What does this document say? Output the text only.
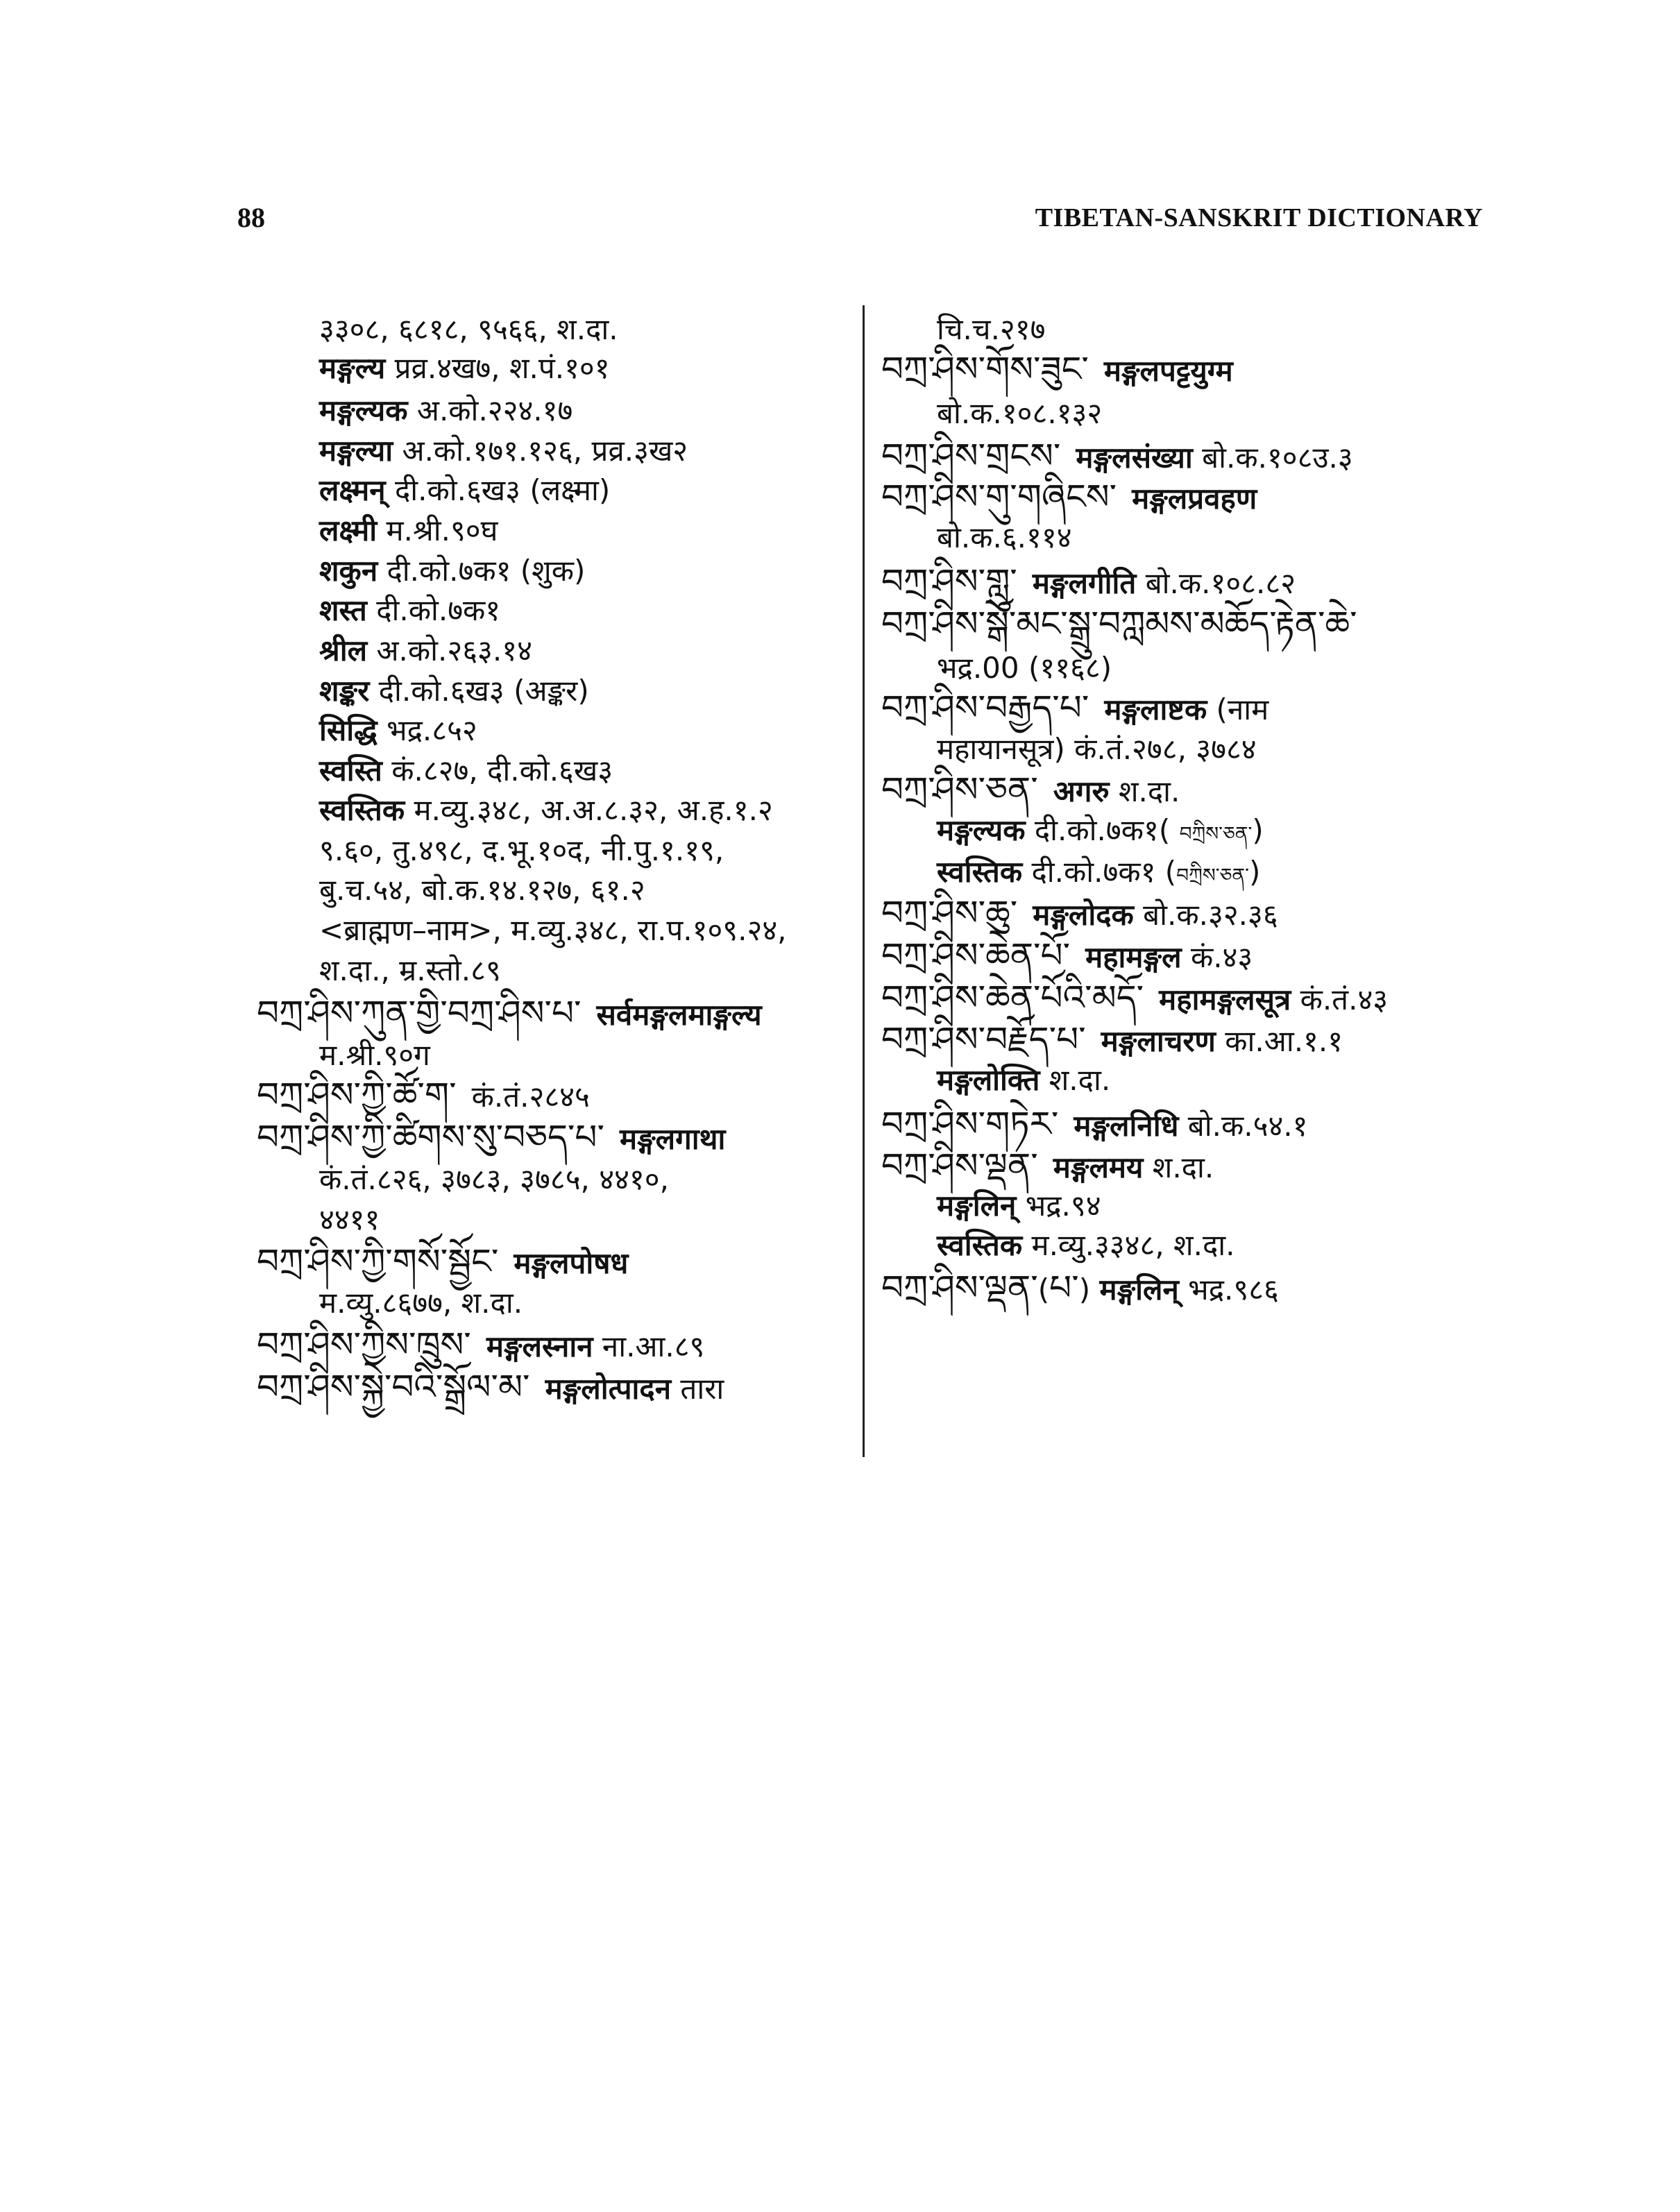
88	TIBETAN-SANSKRIT DICTIONARY
३३०८, ६८१८, ९५६६, श.दा.
मङ्गल्य प्रव्र.४ख७, श.पं.१०१
मङ्गल्यक अ.को.२२४.१७
मङ्गल्या अ.को.१७१.१२६, प्रव्र.३ख२
लक्ष्मन् दी.को.६ख३ (लक्ष्मा)
लक्ष्मी म.श्री.९०घ
शकुन दी.को.७क१ (शुक)
शस्त दी.को.७क१
श्रील अ.को.२६३.१४
शङ्कर दी.को.६ख३ (अङ्कर)
सिद्धि भद्र.८५२
स्वस्ति कं.८२७, दी.को.६ख३
स्वस्तिक म.व्यु.३४८, अ.अ.८.३२, अ.ह.१.२
९.६०, तु.४९८, द.भू.१०द, नी.पु.१.१९,
बु.च.५४, बो.क.१४.१२७, ६१.२
<ब्राह्मण–नाम>, म.व्यु.३४८, रा.प.१०९.२४,
श.दा., म्र.स्तो.८९
བཀྲ་ཤིས་ཀུན་གྱི་བཀྲ་ཤིས་པ་ सर्वमङ्गलमाङ्गल्य
म.श्री.९०ग
བཀྲ་ཤིས་ཀྱི་ཚོ་ག་ कं.तं.२८४५
བཀྲ་ཤིས་ཀྱི་ཚིགས་སུ་བཅད་པ་ मङ्गलगाथा
कं.तं.८२६, ३७८३, ३७८५, ४४१०,
४४११
བཀྲ་ཤིས་ཀྱི་གསོ་སྦྱོང་ मङ्गलपोषध
म.व्यु.८६७७, श.दा.
བཀྲ་ཤིས་ཀྱིས་ཁྲུས་ मङ्गलस्नान ना.आ.८९
བཀྲ་ཤིས་སྐྱེ་བའི་སྒྲོལ་མ་ मङ्गलोत्पादन तारा
चि.च.२१७
བཀྲ་ཤིས་གོས་ཟུང་ मङ्गलपट्टयुग्म
बो.क.१०८.१३२
བཀྲ་ཤིས་གྲངས་ मङ्गलसंख्या बो.क.१०८उ.३
བཀྲ་ཤིས་གུ་གཞིངས་ मङ्गलप्रवहण
बो.क.६.११४
བཀྲ་ཤིས་གླུ་ मङ्गलगीति बो.क.१०८.८२
བཀྲ་ཤིས་སྒོ་མང་སྒྲུ་བཀླམས་མཆོད་རྟེན་ཆེ་
भद्र.00 (११६८)
བཀྲ་ཤིས་བརྒྱད་པ་ मङ्गलाष्टक (नाम
महायानसूत्र) कं.तं.२७८, ३७८४
བཀྲ་ཤིས་ཅན་ अगरु श.दा.
मङ्गल्यक दी.को.७क१( བཀྲིས་ཅན་)
स्वस्तिक दी.को.७क१ (བཀྲིས་ཅན་)
བཀྲ་ཤིས་ཆུ་ मङ्गलोदक बो.क.३२.३६
བཀྲ་ཤིས་ཆེན་པོ་ महामङ्गल कं.४३
བཀྲ་ཤིས་ཆེན་པོའི་མདོ་ महामङ्गलसूत्र कं.तं.४३
བཀྲ་ཤིས་བརྗོད་པ་ मङ्गलाचरण का.आ.१.१
मङ्गलोक्ति श.दा.
བཀྲ་ཤིས་གཏེར་ मङ्गलनिधि बो.क.५४.१
བཀྲ་ཤིས་ལྡན་ मङ्गलमय श.दा.
मङ्गलिन् भद्र.९४
स्वस्तिक म.व्यु.३३४८, श.दा.
བཀྲ་ཤིས་ལྡན་(པ་) मङ्गलिन् भद्र.९८६
